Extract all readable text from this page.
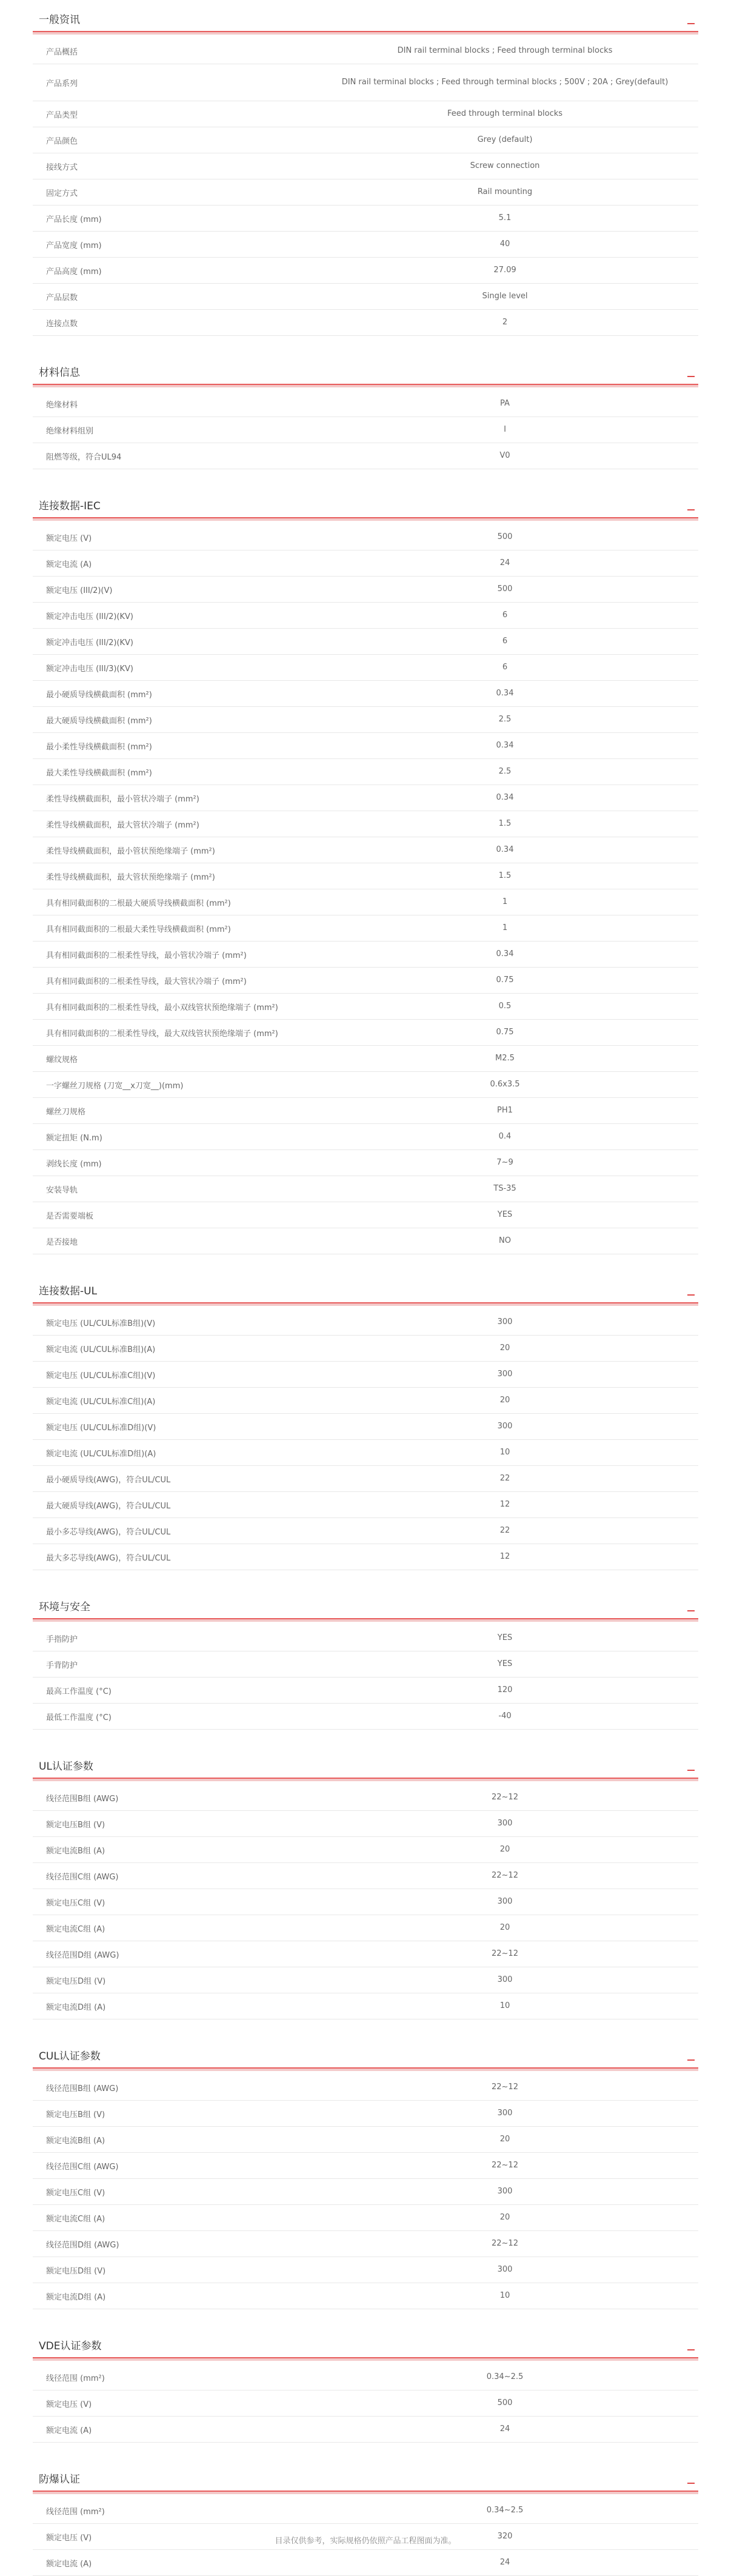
一般资讯
产品概括	DIN rail terminal blocks ; Feed through terminal blocks
产品系列	DIN rail terminal blocks ; Feed through terminal blocks ; 500V ; 20A ; Grey(default)
产品类型	Feed through terminal blocks
产品颜色	Grey (default)
接线方式	Screw connection
固定方式	Rail mounting
产品长度 (mm)	5.1
产品宽度 (mm)	40
产品高度 (mm)	27.09
产品层数	Single level
连接点数	2
材料信息
绝缘材料	PA
绝缘材料组别	I
阻燃等级，符合UL94	V0
连接数据-IEC
额定电压 (V)	500
额定电流 (A)	24
额定电压 (III/2)(V)	500
额定冲击电压 (III/2)(KV)	6
额定冲击电压 (III/2)(KV)	6
额定冲击电压 (III/3)(KV)	6
最小硬质导线横截面积 (mm²)	0.34
最大硬质导线横截面积 (mm²)	2.5
最小柔性导线横截面积 (mm²)	0.34
最大柔性导线横截面积 (mm²)	2.5
柔性导线横截面积，最小管状冷端子 (mm²)	0.34
柔性导线横截面积，最大管状冷端子 (mm²)	1.5
柔性导线横截面积，最小管状预绝缘端子 (mm²)	0.34
柔性导线横截面积，最大管状预绝缘端子 (mm²)	1.5
具有相同截面积的二根最大硬质导线横截面积 (mm²)	1
具有相同截面积的二根最大柔性导线横截面积 (mm²)	1
具有相同截面积的二根柔性导线，最小管状冷端子 (mm²)	0.34
具有相同截面积的二根柔性导线，最大管状冷端子 (mm²)	0.75
具有相同截面积的二根柔性导线，最小双线管状预绝缘端子 (mm²)	0.5
具有相同截面积的二根柔性导线，最大双线管状预绝缘端子 (mm²)	0.75
螺纹规格	M2.5
一字螺丝刀规格 (刀宽__x刀宽__)(mm)	0.6x3.5
螺丝刀规格	PH1
额定扭矩 (N.m)	0.4
剥线长度 (mm)	7~9
安装导轨	TS-35
是否需要端板	YES
是否接地	NO
连接数据-UL
额定电压 (UL/CUL标准B组)(V)	300
额定电流 (UL/CUL标准B组)(A)	20
额定电压 (UL/CUL标准C组)(V)	300
额定电流 (UL/CUL标准C组)(A)	20
额定电压 (UL/CUL标准D组)(V)	300
额定电流 (UL/CUL标准D组)(A)	10
最小硬质导线(AWG)，符合UL/CUL	22
最大硬质导线(AWG)，符合UL/CUL	12
最小多芯导线(AWG)，符合UL/CUL	22
最大多芯导线(AWG)，符合UL/CUL	12
环境与安全
手指防护	YES
手背防护	YES
最高工作温度 (°C)	120
最低工作温度 (°C)	-40
UL认证参数
线径范围B组 (AWG)	22~12
额定电压B组 (V)	300
额定电流B组 (A)	20
线径范围C组 (AWG)	22~12
额定电压C组 (V)	300
额定电流C组 (A)	20
线径范围D组 (AWG)	22~12
额定电压D组 (V)	300
额定电流D组 (A)	10
CUL认证参数
线径范围B组 (AWG)	22~12
额定电压B组 (V)	300
额定电流B组 (A)	20
线径范围C组 (AWG)	22~12
额定电压C组 (V)	300
额定电流C组 (A)	20
线径范围D组 (AWG)	22~12
额定电压D组 (V)	300
额定电流D组 (A)	10
VDE认证参数
线径范围 (mm²)	0.34~2.5
额定电压 (V)	500
额定电流 (A)	24
防爆认证
线径范围 (mm²)	0.34~2.5
额定电压 (V)	320
额定电流 (A)	24
目录仅供参考，实际规格仍依照产品工程图面为准。
